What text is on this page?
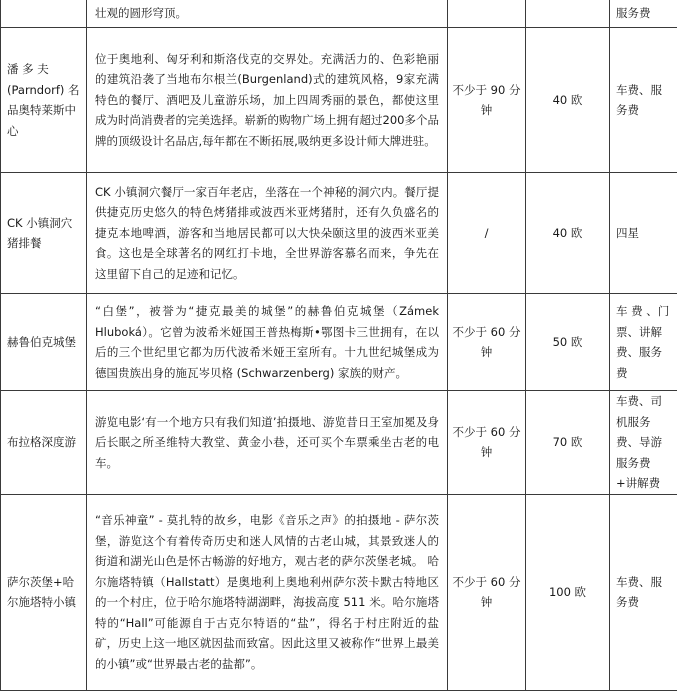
	壮观的圆形穹顶。			服务费
潘 多 夫 (Parndorf) 名品奥特莱斯中心	位于奥地利、匈牙利和斯洛伐克的交界处。充满活力的、色彩艳丽的建筑沿袭了当地布尔根兰(Burgenland)式的建筑风格，9家充满特色的餐厅、酒吧及儿童游乐场，加上四周秀丽的景色，都使这里成为时尚消费者的完美选择。崭新的购物广场上拥有超过200多个品牌的顶级设计名品店,每年都在不断拓展,吸纳更多设计师大牌进驻。	不少于 90 分钟	40 欧	车费、服务费
CK 小镇洞穴猪排餐	CK 小镇洞穴餐厅一家百年老店，坐落在一个神秘的洞穴内。餐厅提供捷克历史悠久的特色烤猪排或波西米亚烤猪肘，还有久负盛名的捷克本地啤酒，游客和当地居民都可以大快朵颐这里的波西米亚美食。这也是全球著名的网红打卡地，全世界游客慕名而来，争先在这里留下自己的足迹和记忆。	/	40 欧	四星
赫鲁伯克城堡	“白堡”，被誉为“捷克最美的城堡”的赫鲁伯克城堡（Zámek Hluboká）。它曾为波希米娅国王普热梅斯•鄂图卡三世拥有，在以后的三个世纪里它都为历代波希米娅王室所有。十九世纪城堡成为德国贵族出身的施瓦岑贝格 (Schwarzenberg) 家族的财产。	不少于 60 分钟	50 欧	车 费 、门票、讲解费、服务费
布拉格深度游	游览电影‘有一个地方只有我们知道’拍摄地、游览昔日王室加冕及身后长眠之所圣维特大教堂、黄金小巷，还可买个车票乘坐古老的电车。	不少于 60 分钟	70 欧	车费、司机服务费、导游服务费+讲解费
萨尔茨堡+哈尔施塔特小镇	“音乐神童” - 莫扎特的故乡，电影《音乐之声》的拍摄地 - 萨尔茨堡，游览这个有着传奇历史和迷人风情的古老山城，其景致迷人的街道和湖光山色是怀古畅游的好地方，观古老的萨尔茨堡老城。 哈尔施塔特镇（Hallstatt）是奥地利上奥地利州萨尔茨卡默古特地区的一个村庄，位于哈尔施塔特湖湖畔，海拔高度 511 米。哈尔施塔特的“Hall”可能源自于古克尔特语的“盐”，得名于村庄附近的盐矿，历史上这一地区就因盐而致富。因此这里又被称作“世界上最美的小镇”或“世界最古老的盐都”。	不少于 60 分钟	100 欧	车费、服务费
